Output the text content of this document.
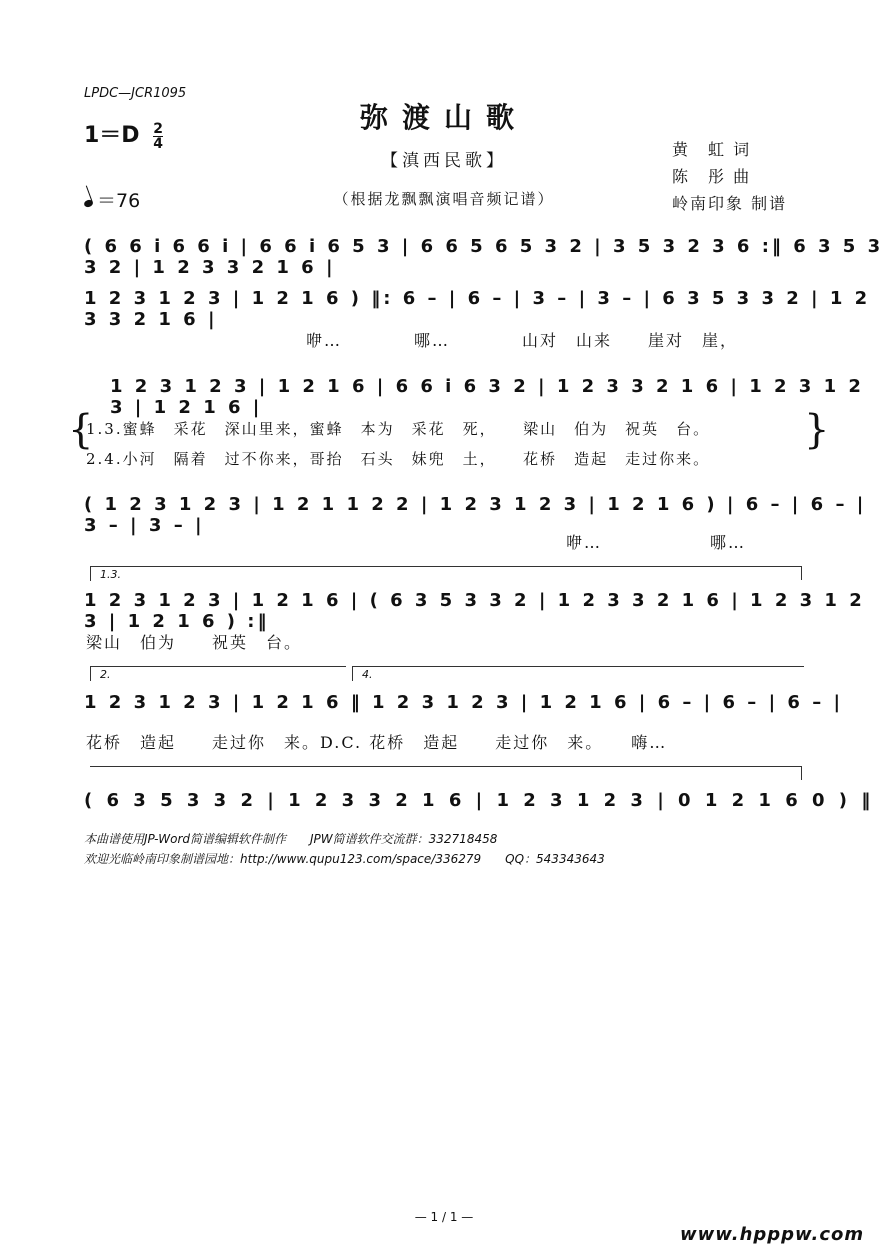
LPDC—JCR1095
弥渡山歌
$1=D \frac{2}{4}$
【滇西民歌】
黄　虹 词
陈　彤 曲
岭南印象 制谱
＝76	（根据龙飘飘演唱音频记谱）
( 6 6 i 6 6 i | 6 6 i 6 5 3 | 6 6 5 6 5 3 2 | 3 5 3 2 3 6 :‖ 6 3 5 3 3 2 | 1 2 3 3 2 1 6 |
1 2 3 1 2 3 | 1 2 1 6 ) ‖: 6 – | 6 – | 3 – | 3 – | 6 3 5 3 3 2 | 1 2 3 3 2 1 6 |
咿…　　　　哪…　　　　山对　山来　　崖对　崖，
1 2 3 1 2 3 | 1 2 1 6 | 6 6 i 6 3 2 | 1 2 3 3 2 1 6 | 1 2 3 1 2 3 | 1 2 1 6 |
{
1.3.蜜蜂　采花　深山里来，蜜蜂　本为　采花　死，　　梁山　伯为　祝英　台。
2.4.小河　隔着　过不你来，哥抬　石头　妹兜　土，　　花桥　造起　走过你来。
}
( 1 2 3 1 2 3 | 1 2 1 1 2 2 | 1 2 3 1 2 3 | 1 2 1 6 ) | 6 – | 6 – | 3 – | 3 – |
咿…　　　　　　哪…
1.3.
1 2 3 1 2 3 | 1 2 1 6 | ( 6 3 5 3 3 2 | 1 2 3 3 2 1 6 | 1 2 3 1 2 3 | 1 2 1 6 ) :‖
梁山　伯为　　祝英　台。
2.	4.
1 2 3 1 2 3 | 1 2 1 6 ‖ 1 2 3 1 2 3 | 1 2 1 6 | 6 – | 6 – | 6 – |
花桥　造起　　走过你　来。D.C. 花桥　造起　　走过你　来。　　嗨…
( 6 3 5 3 3 2 | 1 2 3 3 2 1 6 | 1 2 3 1 2 3 | 0 1 2 1 6 0 ) ‖
本曲谱使用JP-Word简谱编辑软件制作　　JPW简谱软件交流群：332718458
欢迎光临岭南印象制谱园地：http://www.qupu123.com/space/336279　　QQ：543343643
— 1 / 1 —
www.hpppw.com
